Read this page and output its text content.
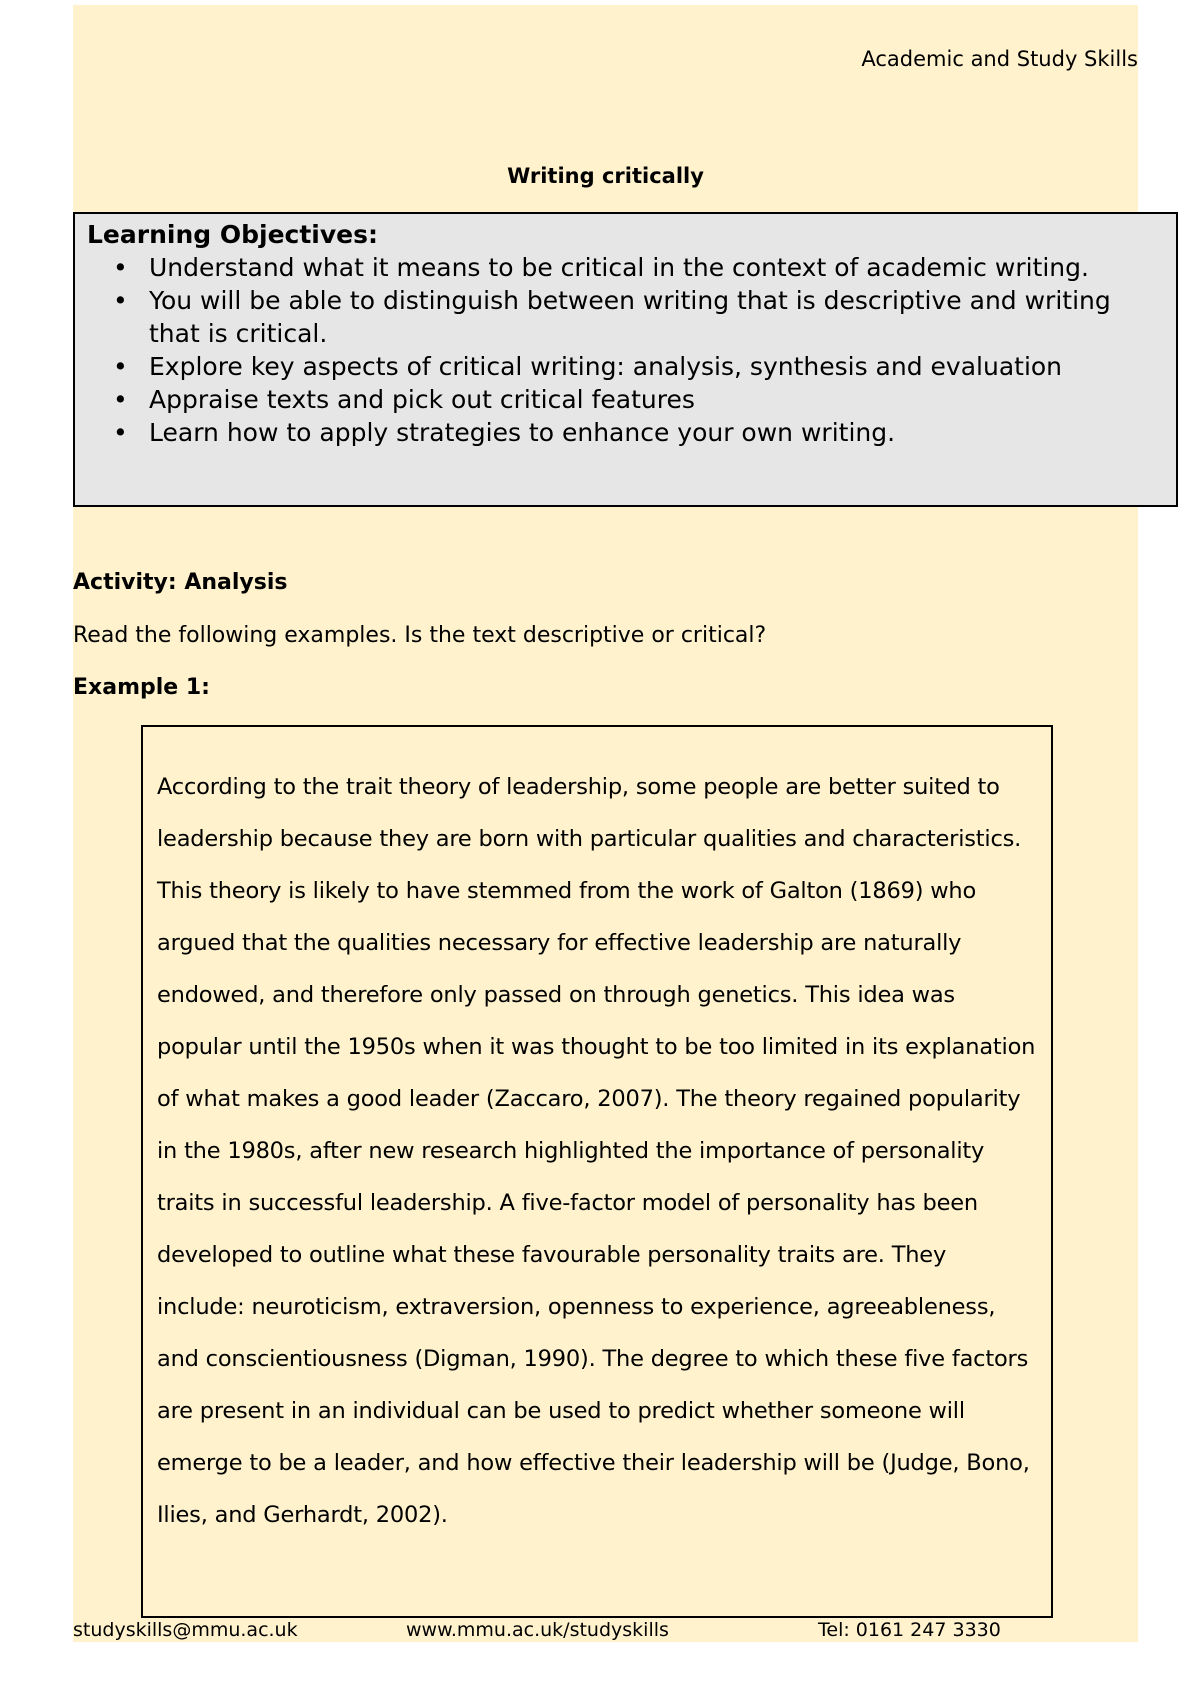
Academic and Study Skills
Writing critically
Learning Objectives:
• Understand what it means to be critical in the context of academic writing.
• You will be able to distinguish between writing that is descriptive and writing that is critical.
• Explore key aspects of critical writing: analysis, synthesis and evaluation
• Appraise texts and pick out critical features
• Learn how to apply strategies to enhance your own writing.
Activity: Analysis
Read the following examples. Is the text descriptive or critical?
Example 1:

According to the trait theory of leadership, some people are better suited to leadership because they are born with particular qualities and characteristics. This theory is likely to have stemmed from the work of Galton (1869) who argued that the qualities necessary for effective leadership are naturally endowed, and therefore only passed on through genetics. This idea was popular until the 1950s when it was thought to be too limited in its explanation of what makes a good leader (Zaccaro, 2007). The theory regained popularity in the 1980s, after new research highlighted the importance of personality traits in successful leadership. A five-factor model of personality has been developed to outline what these favourable personality traits are. They include: neuroticism, extraversion, openness to experience, agreeableness, and conscientiousness (Digman, 1990). The degree to which these five factors are present in an individual can be used to predict whether someone will emerge to be a leader, and how effective their leadership will be (Judge, Bono, Ilies, and Gerhardt, 2002).

studyskills@mmu.ac.uk	www.mmu.ac.uk/studyskills	Tel: 0161 247 3330
